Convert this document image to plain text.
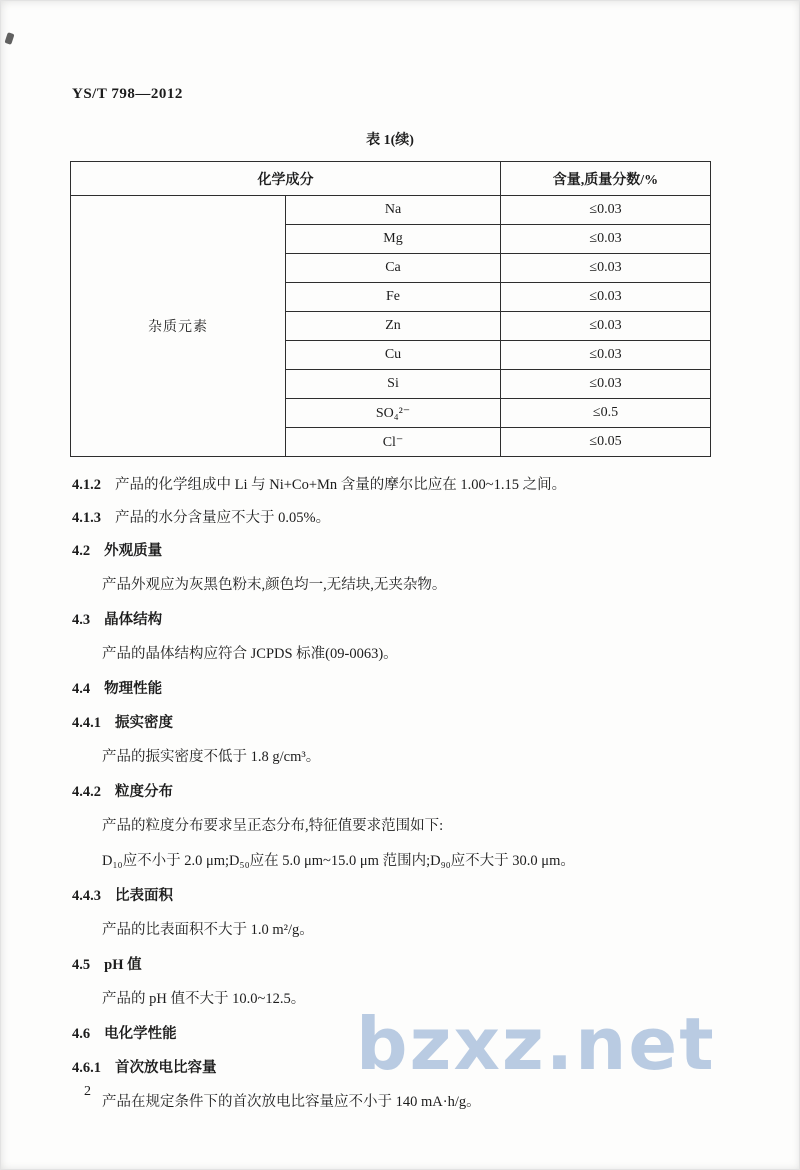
YS/T 798—2012
表 1(续)
化学成分		含量,质量分数/%
杂质元素	Na	≤0.03
	Mg	≤0.03
	Ca	≤0.03
	Fe	≤0.03
	Zn	≤0.03
	Cu	≤0.03
	Si	≤0.03
	SO₄²⁻	≤0.5
	Cl⁻	≤0.05

4.1.2 产品的化学组成中 Li 与 Ni+Co+Mn 含量的摩尔比应在 1.00~1.15 之间。

4.1.3 产品的水分含量应不大于 0.05%。

4.2 外观质量

产品外观应为灰黑色粉末,颜色均一,无结块,无夹杂物。

4.3 晶体结构

产品的晶体结构应符合 JCPDS 标准(09-0063)。

4.4 物理性能

4.4.1 振实密度

产品的振实密度不低于 1.8 g/cm³。

4.4.2 粒度分布

产品的粒度分布要求呈正态分布,特征值要求范围如下:

D₁₀应不小于 2.0 μm;D₅₀应在 5.0 μm~15.0 μm 范围内;D₉₀应不大于 30.0 μm。

4.4.3 比表面积

产品的比表面积不大于 1.0 m²/g。

4.5 pH 值

产品的 pH 值不大于 10.0~12.5。

4.6 电化学性能

4.6.1 首次放电比容量

产品在规定条件下的首次放电比容量应不小于 140 mA·h/g。

2
bzxz.net
